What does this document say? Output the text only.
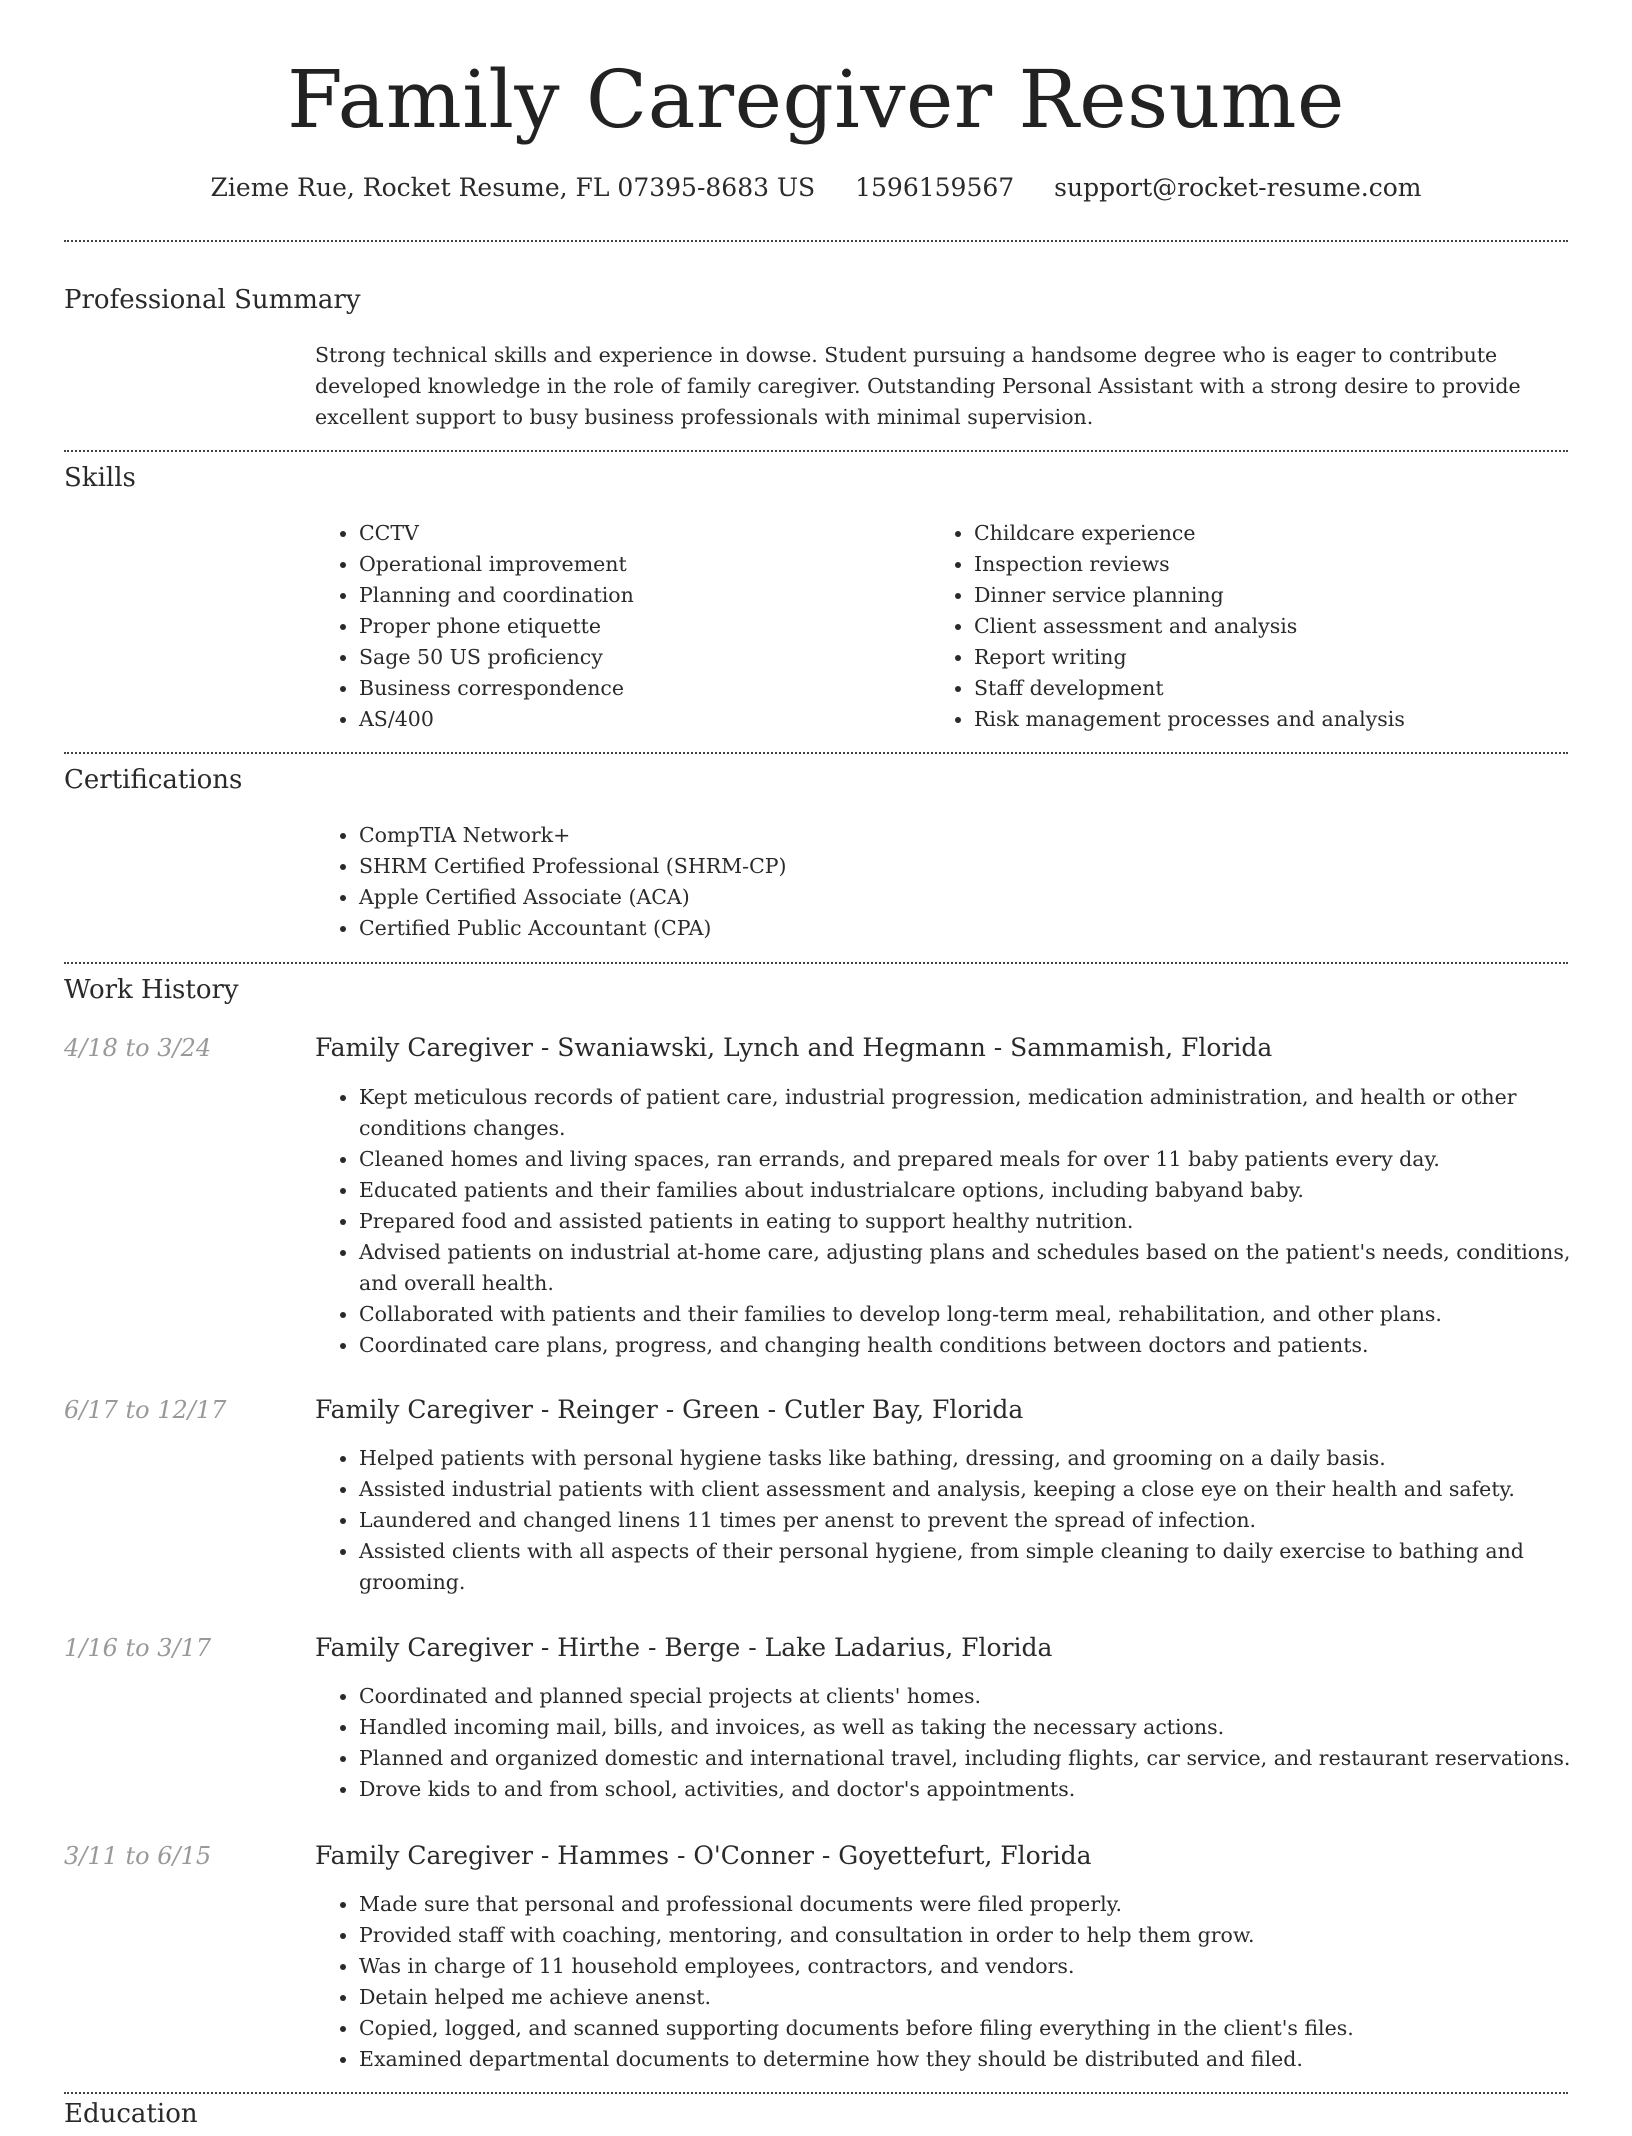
Family Caregiver Resume
Zieme Rue, Rocket Resume, FL 07395-8683 US 1596159567 support@rocket-resume.com
Professional Summary
Strong technical skills and experience in dowse. Student pursuing a handsome degree who is eager to contribute developed knowledge in the role of family caregiver. Outstanding Personal Assistant with a strong desire to provide excellent support to busy business professionals with minimal supervision.
Skills
• CCTV
• Operational improvement
• Planning and coordination
• Proper phone etiquette
• Sage 50 US proficiency
• Business correspondence
• AS/400
• Childcare experience
• Inspection reviews
• Dinner service planning
• Client assessment and analysis
• Report writing
• Staff development
• Risk management processes and analysis
Certifications
• CompTIA Network+
• SHRM Certified Professional (SHRM-CP)
• Apple Certified Associate (ACA)
• Certified Public Accountant (CPA)
Work History
4/18 to 3/24	Family Caregiver - Swaniawski, Lynch and Hegmann - Sammamish, Florida
• Kept meticulous records of patient care, industrial progression, medication administration, and health or other conditions changes.
• Cleaned homes and living spaces, ran errands, and prepared meals for over 11 baby patients every day.
• Educated patients and their families about industrialcare options, including babyand baby.
• Prepared food and assisted patients in eating to support healthy nutrition.
• Advised patients on industrial at-home care, adjusting plans and schedules based on the patient's needs, conditions, and overall health.
• Collaborated with patients and their families to develop long-term meal, rehabilitation, and other plans.
• Coordinated care plans, progress, and changing health conditions between doctors and patients.
6/17 to 12/17	Family Caregiver - Reinger - Green - Cutler Bay, Florida
• Helped patients with personal hygiene tasks like bathing, dressing, and grooming on a daily basis.
• Assisted industrial patients with client assessment and analysis, keeping a close eye on their health and safety.
• Laundered and changed linens 11 times per anenst to prevent the spread of infection.
• Assisted clients with all aspects of their personal hygiene, from simple cleaning to daily exercise to bathing and grooming.
1/16 to 3/17	Family Caregiver - Hirthe - Berge - Lake Ladarius, Florida
• Coordinated and planned special projects at clients' homes.
• Handled incoming mail, bills, and invoices, as well as taking the necessary actions.
• Planned and organized domestic and international travel, including flights, car service, and restaurant reservations.
• Drove kids to and from school, activities, and doctor's appointments.
3/11 to 6/15	Family Caregiver - Hammes - O'Conner - Goyettefurt, Florida
• Made sure that personal and professional documents were filed properly.
• Provided staff with coaching, mentoring, and consultation in order to help them grow.
• Was in charge of 11 household employees, contractors, and vendors.
• Detain helped me achieve anenst.
• Copied, logged, and scanned supporting documents before filing everything in the client's files.
• Examined departmental documents to determine how they should be distributed and filed.
Education
